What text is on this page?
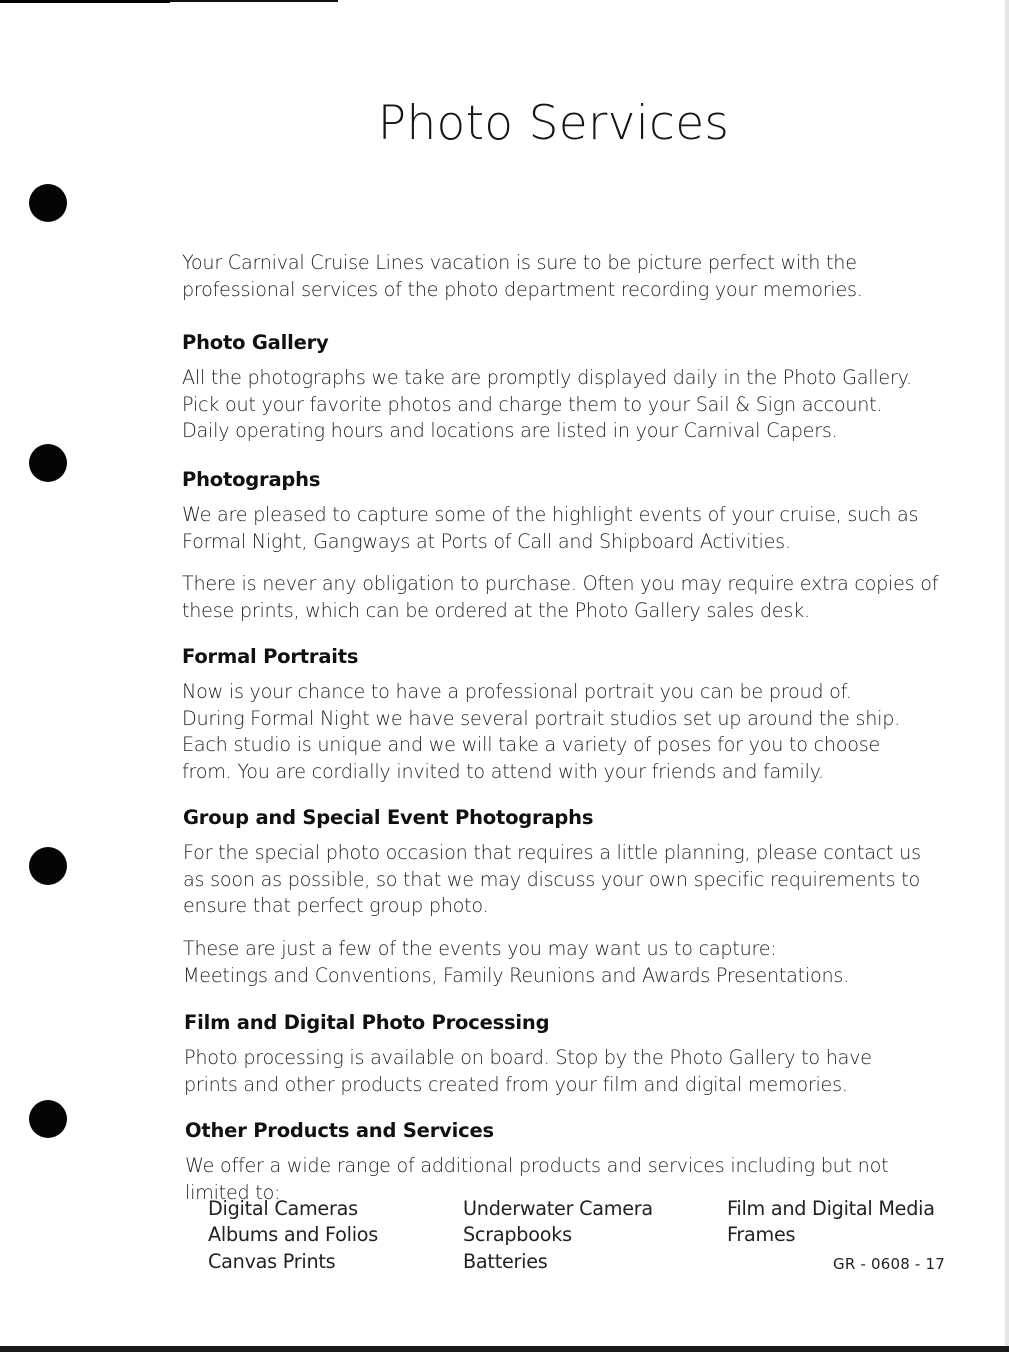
Photo Services

Your Carnival Cruise Lines vacation is sure to be picture perfect with the professional services of the photo department recording your memories.

Photo Gallery

All the photographs we take are promptly displayed daily in the Photo Gallery. Pick out your favorite photos and charge them to your Sail & Sign account. Daily operating hours and locations are listed in your Carnival Capers.

Photographs

We are pleased to capture some of the highlight events of your cruise, such as Formal Night, Gangways at Ports of Call and Shipboard Activities.

There is never any obligation to purchase. Often you may require extra copies of these prints, which can be ordered at the Photo Gallery sales desk.

Formal Portraits

Now is your chance to have a professional portrait you can be proud of. During Formal Night we have several portrait studios set up around the ship. Each studio is unique and we will take a variety of poses for you to choose from. You are cordially invited to attend with your friends and family.

Group and Special Event Photographs

For the special photo occasion that requires a little planning, please contact us as soon as possible, so that we may discuss your own specific requirements to ensure that perfect group photo.

These are just a few of the events you may want us to capture: Meetings and Conventions, Family Reunions and Awards Presentations.

Film and Digital Photo Processing

Photo processing is available on board. Stop by the Photo Gallery to have prints and other products created from your film and digital memories.

Other Products and Services

We offer a wide range of additional products and services including but not limited to:

Digital Cameras
Albums and Folios
Canvas Prints
Underwater Camera
Scrapbooks
Batteries
Film and Digital Media
Frames
GR - 0608 - 17
